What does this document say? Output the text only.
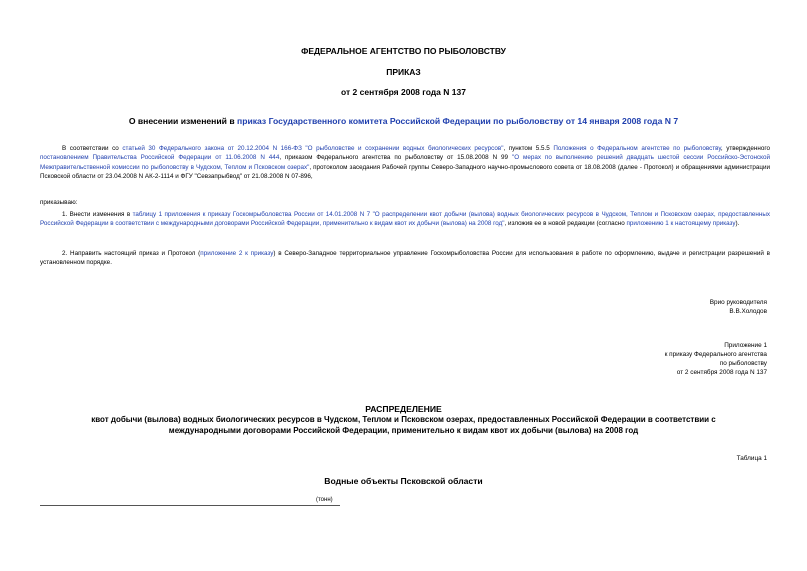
ФЕДЕРАЛЬНОЕ АГЕНТСТВО ПО РЫБОЛОВСТВУ
ПРИКАЗ
от 2 сентября 2008 года N 137
О внесении изменений в приказ Государственного комитета Российской Федерации по рыболовству от 14 января 2008 года N 7
В соответствии со статьей 30 Федерального закона от 20.12.2004 N 166-ФЗ "О рыболовстве и сохранении водных биологических ресурсов", пунктом 5.5.5 Положения о Федеральном агентстве по рыболовству, утвержденного постановлением Правительства Российской Федерации от 11.06.2008 N 444, приказом Федерального агентства по рыболовству от 15.08.2008 N 99 "О мерах по выполнению решений двадцать шестой сессии Российско-Эстонской Межправительственной комиссии по рыболовству в Чудском, Теплом и Псковском озерах", протоколом заседания Рабочей группы Северо-Западного научно-промыслового совета от 18.08.2008 (далее - Протокол) и обращениями администрации Псковской области от 23.04.2008 N АК-2-1114 и ФГУ "Севзапрыбвод" от 21.08.2008 N 07-896,
приказываю:
1. Внести изменения в таблицу 1 приложения к приказу Госкомрыболовства России от 14.01.2008 N 7 "О распределении квот добычи (вылова) водных биологических ресурсов в Чудском, Теплом и Псковском озерах, предоставленных Российской Федерации в соответствии с международными договорами Российской Федерации, применительно к видам квот их добычи (вылова) на 2008 год", изложив ее в новой редакции (согласно приложению 1 к настоящему приказу).
2. Направить настоящий приказ и Протокол (приложение 2 к приказу) в Северо-Западное территориальное управление Госкомрыболовства России для использования в работе по оформлению, выдаче и регистрации разрешений в установленном порядке.
Врио руководителя
В.В.Холодов
Приложение 1
к приказу Федерального агентства
по рыболовству
от 2 сентября 2008 года N 137
РАСПРЕДЕЛЕНИЕ
квот добычи (вылова) водных биологических ресурсов в Чудском, Теплом и Псковском озерах, предоставленных Российской Федерации в соответствии с
международными договорами Российской Федерации, применительно к видам квот их добычи (вылова) на 2008 год
Таблица 1
Водные объекты Псковской области
(тонн)
